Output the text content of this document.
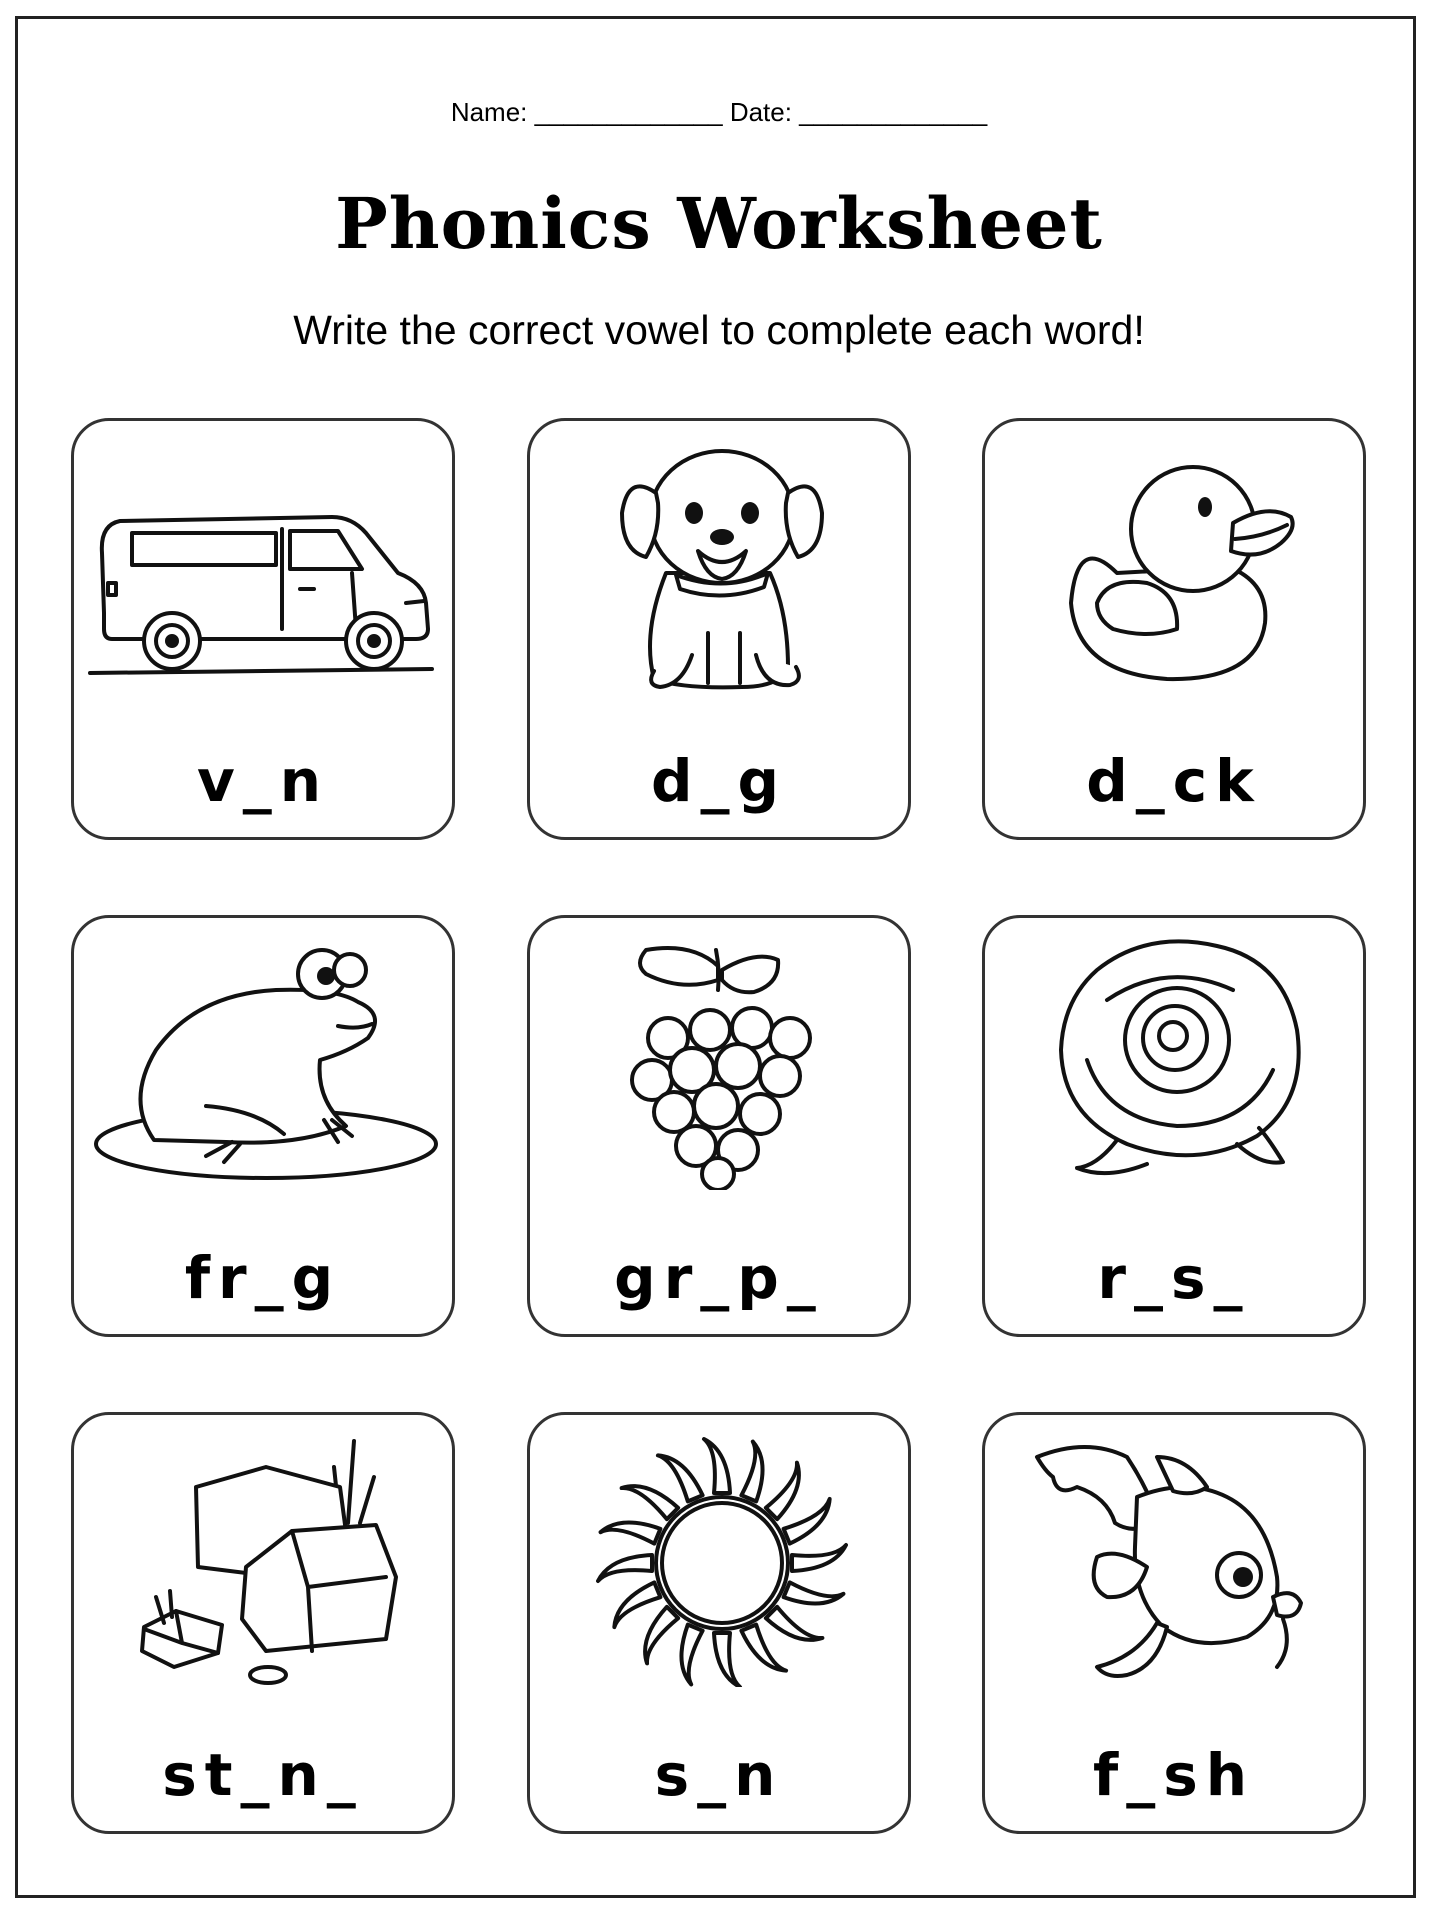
Name: _____________ Date: _____________
Phonics Worksheet
Write the correct vowel to complete each word!
v_n	d_g	d_ck
fr_g	gr_p_	r_s_
st_n_	s_n	f_sh
